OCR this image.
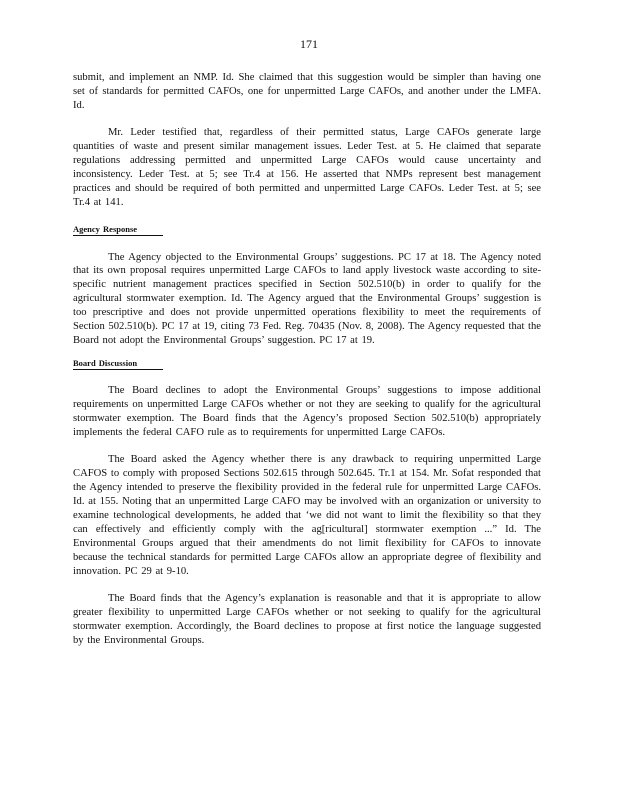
171

submit, and implement an NMP. Id. She claimed that this suggestion would be simpler than having one set of standards for permitted CAFOs, one for unpermitted Large CAFOs, and another under the LMFA. Id.

Mr. Leder testified that, regardless of their permitted status, Large CAFOs generate large quantities of waste and present similar management issues. Leder Test. at 5. He claimed that separate regulations addressing permitted and unpermitted Large CAFOs would cause uncertainty and inconsistency. Leder Test. at 5; see Tr.4 at 156. He asserted that NMPs represent best management practices and should be required of both permitted and unpermitted Large CAFOs. Leder Test. at 5; see Tr.4 at 141.

Agency Response

The Agency objected to the Environmental Groups’ suggestions. PC 17 at 18. The Agency noted that its own proposal requires unpermitted Large CAFOs to land apply livestock waste according to site-specific nutrient management practices specified in Section 502.510(b) in order to qualify for the agricultural stormwater exemption. Id. The Agency argued that the Environmental Groups’ suggestion is too prescriptive and does not provide unpermitted operations flexibility to meet the requirements of Section 502.510(b). PC 17 at 19, citing 73 Fed. Reg. 70435 (Nov. 8, 2008). The Agency requested that the Board not adopt the Environmental Groups’ suggestion. PC 17 at 19.

Board Discussion

The Board declines to adopt the Environmental Groups’ suggestions to impose additional requirements on unpermitted Large CAFOs whether or not they are seeking to qualify for the agricultural stormwater exemption. The Board finds that the Agency’s proposed Section 502.510(b) appropriately implements the federal CAFO rule as to requirements for unpermitted Large CAFOs.

The Board asked the Agency whether there is any drawback to requiring unpermitted Large CAFOS to comply with proposed Sections 502.615 through 502.645. Tr.1 at 154. Mr. Sofat responded that the Agency intended to preserve the flexibility provided in the federal rule for unpermitted Large CAFOs. Id. at 155. Noting that an unpermitted Large CAFO may be involved with an organization or university to examine technological developments, he added that ‘we did not want to limit the flexibility so that they can effectively and efficiently comply with the ag[ricultural] stormwater exemption ...” Id. The Environmental Groups argued that their amendments do not limit flexibility for CAFOs to innovate because the technical standards for permitted Large CAFOs allow an appropriate degree of flexibility and innovation. PC 29 at 9-10.

The Board finds that the Agency’s explanation is reasonable and that it is appropriate to allow greater flexibility to unpermitted Large CAFOs whether or not seeking to qualify for the agricultural stormwater exemption. Accordingly, the Board declines to propose at first notice the language suggested by the Environmental Groups.
